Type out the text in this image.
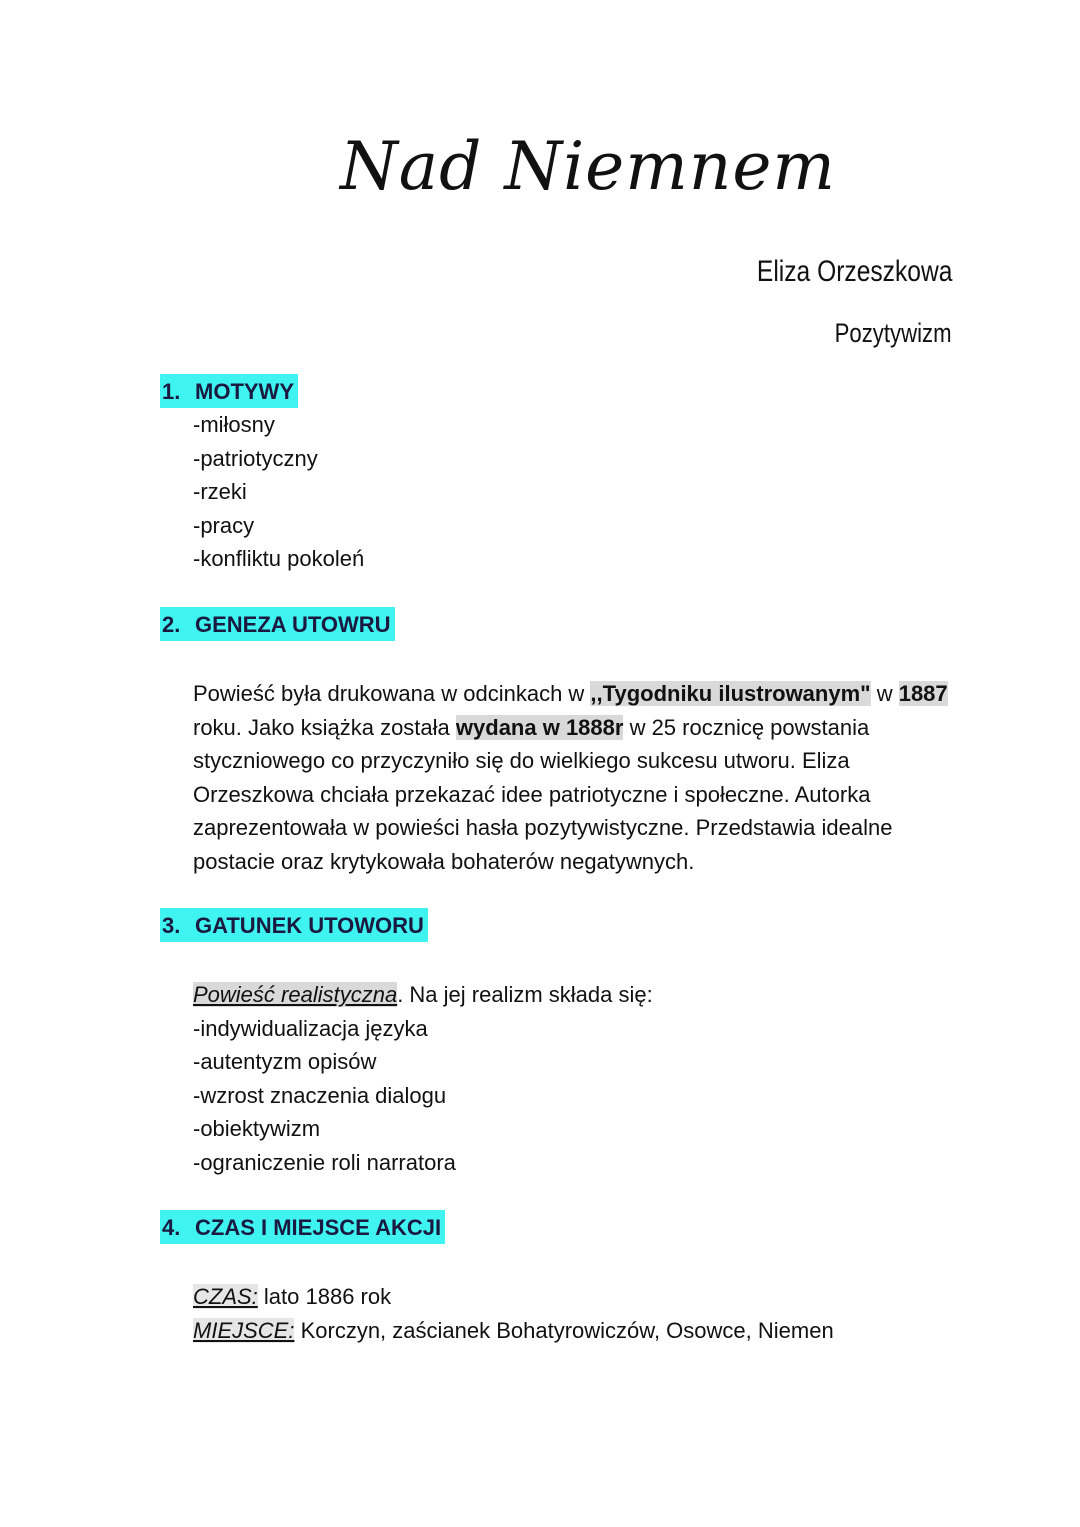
Nad Niemnem
Eliza Orzeszkowa
Pozytywizm
1. MOTYWY
-miłosny
-patriotyczny
-rzeki
-pracy
-konfliktu pokoleń
2. GENEZA UTOWRU
Powieść była drukowana w odcinkach w ,,Tygodniku ilustrowanym" w 1887 roku. Jako książka została wydana w 1888r w 25 rocznicę powstania styczniowego co przyczyniło się do wielkiego sukcesu utworu. Eliza Orzeszkowa chciała przekazać idee patriotyczne i społeczne. Autorka zaprezentowała w powieści hasła pozytywistyczne. Przedstawia idealne postacie oraz krytykowała bohaterów negatywnych.
3. GATUNEK UTOWORU
Powieść realistyczna. Na jej realizm składa się:
-indywidualizacja języka
-autentyzm opisów
-wzrost znaczenia dialogu
-obiektywizm
-ograniczenie roli narratora
4. CZAS I MIEJSCE AKCJI
CZAS: lato 1886 rok
MIEJSCE: Korczyn, zaścianek Bohatyrowiczów, Osowce, Niemen
